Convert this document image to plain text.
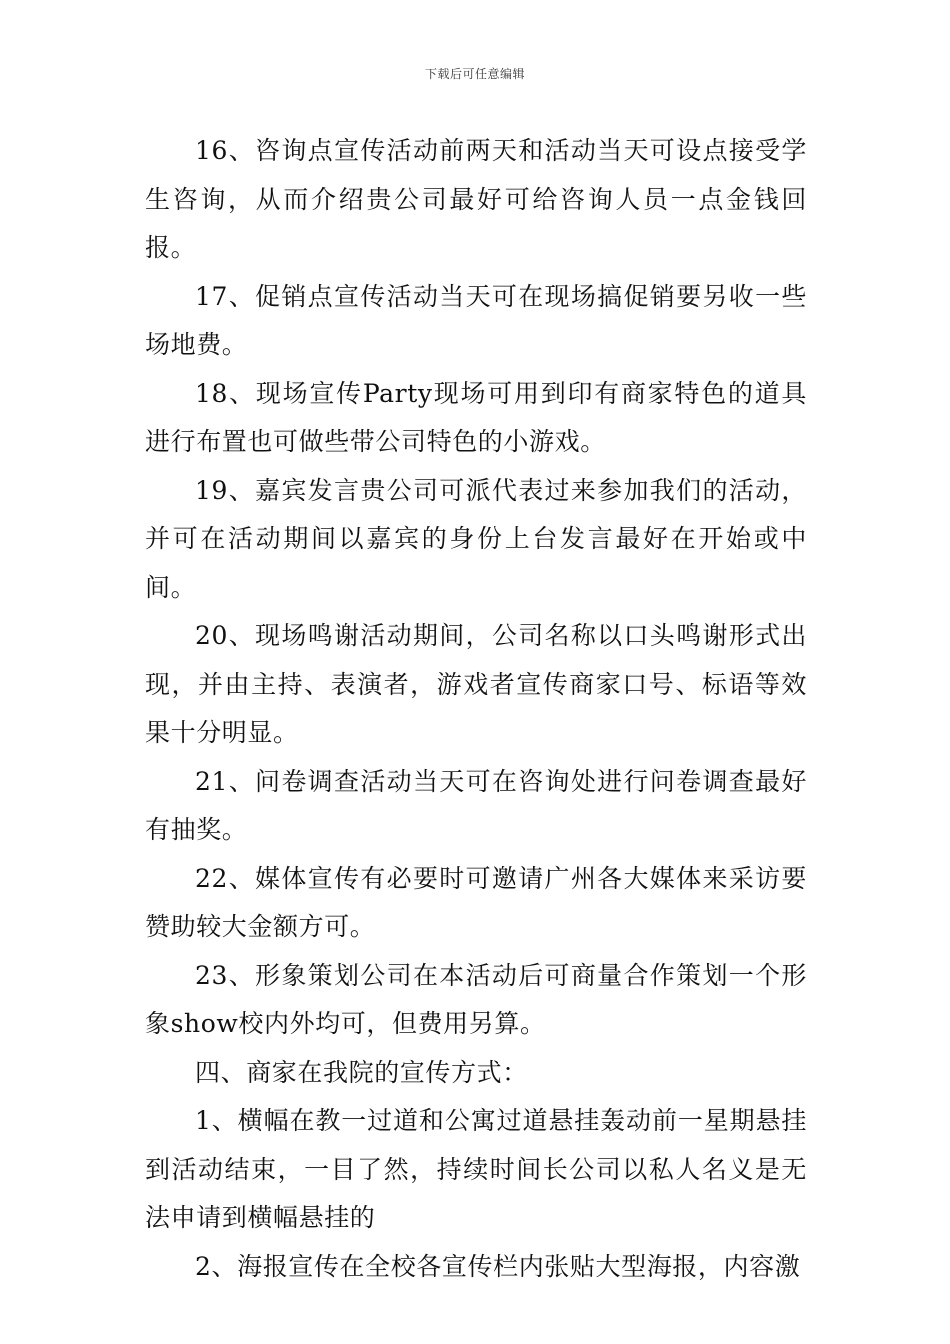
下载后可任意编辑

16、咨询点宣传活动前两天和活动当天可设点接受学生咨询，从而介绍贵公司最好可给咨询人员一点金钱回报。

17、促销点宣传活动当天可在现场搞促销要另收一些场地费。

18、现场宣传Party现场可用到印有商家特色的道具进行布置也可做些带公司特色的小游戏。

19、嘉宾发言贵公司可派代表过来参加我们的活动，并可在活动期间以嘉宾的身份上台发言最好在开始或中间。

20、现场鸣谢活动期间，公司名称以口头鸣谢形式出现，并由主持、表演者，游戏者宣传商家口号、标语等效果十分明显。

21、问卷调查活动当天可在咨询处进行问卷调查最好有抽奖。

22、媒体宣传有必要时可邀请广州各大媒体来采访要赞助较大金额方可。

23、形象策划公司在本活动后可商量合作策划一个形象show校内外均可，但费用另算。

四、商家在我院的宣传方式：

1、横幅在教一过道和公寓过道悬挂轰动前一星期悬挂到活动结束，一目了然，持续时间长公司以私人名义是无法申请到横幅悬挂的

2、海报宣传在全校各宣传栏内张贴大型海报，内容激
